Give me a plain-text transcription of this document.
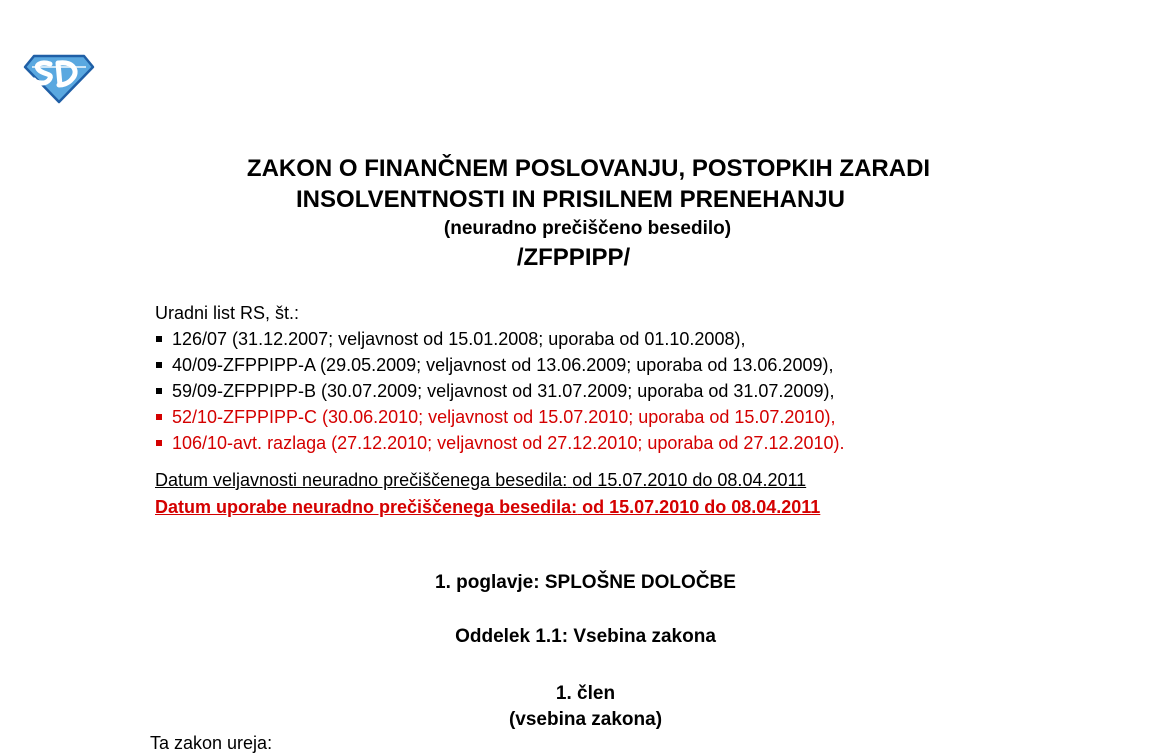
ZAKON O FINANČNEM POSLOVANJU, POSTOPKIH ZARADI

INSOLVENTNOSTI IN PRISILNEM PRENEHANJU

(neuradno prečiščeno besedilo)
/ZFPPIPP/

Uradni list RS, št.:

126/07 (31.12.2007; veljavnost od 15.01.2008; uporaba od 01.10.2008),
40/09-ZFPPIPP-A (29.05.2009; veljavnost od 13.06.2009; uporaba od 13.06.2009),
59/09-ZFPPIPP-B (30.07.2009; veljavnost od 31.07.2009; uporaba od 31.07.2009),
52/10-ZFPPIPP-C (30.06.2010; veljavnost od 15.07.2010; uporaba od 15.07.2010),
106/10-avt. razlaga (27.12.2010; veljavnost od 27.12.2010; uporaba od 27.12.2010).
Datum veljavnosti neuradno prečiščenega besedila: od 15.07.2010 do 08.04.2011
Datum uporabe neuradno prečiščenega besedila: od 15.07.2010 do 08.04.2011
1. poglavje: SPLOŠNE DOLOČBE
Oddelek 1.1: Vsebina zakona

1. člen

(vsebina zakona)

Ta zakon ureja:
